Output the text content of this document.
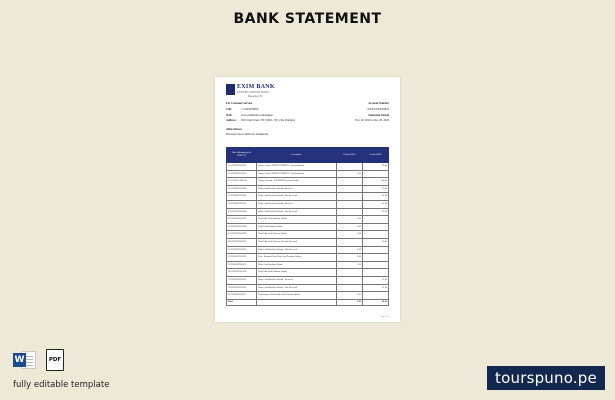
BANK STATEMENT
EXIM BANK
EXPORT-IMPORT BANK
December 20
For Customer Service	Account Number
Call:	+1234567890X	XXXXXXXX9876
Web:	www.eximbank.com/sample	Statement Period
Address: 3025 Oak Street, NY 10001, NY, USA (Sample)	Nov 19, 2020 to Dec 20, 2020
Allen Gibson
Brooklyn Street, Hillcrest, Richmond
Date (dd/mm/yyyy & MM/YY)	Description	Debits (USD)	Credits (USD)
19/11/2020 INV-001	Online Credit / DEBIT PAYMENT - Item Purchased		90.00
21/11/2020 INV-001	Online Credit / DEBIT PAYMENT - Item Purchased	1.00	
23/11/2020 CHQ-201	Cheque Deposit - PAYMENT Received Online		100.00
25/11/2020 INV-003	Debit Card Purchase Refund - Reversal		15.00
27/11/2020 INV-004	Debit Card Purchase Refund - Not Received		20.00
29/11/2020 INV-005	Debit Card Purchase Refund - Reversal		10.00
01/12/2020 INV-006	Debit Card Purchase Refund - Not Received		25.00
03/12/2020 INV-007	Visa Debit Card Purchase Online	5.00	
05/12/2020 INV-008	Debit Card Purchase Online	3.00	
07/12/2020 INV-009	Visa Debit Card Purchase Online	2.00	
09/12/2020 INV-010	Visa Debit Card Purchase Refund - Reversal		30.00
11/12/2020 INV-011	Debit Card Purchase Refund - Not Received	4.00	
13/12/2020 INV-012	Visa - Returned Visa Debit Card Purchase Online	2.00	
15/12/2020 INV-013	Debit Card Purchase Online	1.00	
16/12/2020 INV-014	Visa Debit Card Purchase Online		
17/12/2020 INV-015	Debit Card Purchase Refund - Reversal		15.00
18/12/2020 INV-016	Debit Card Purchase Refund - Not Received		12.00
20/12/2020 INV-017	Visa Returned Visa Debit Card Purchase Online	2.00	
Total		0.00	00.00
Page 1/1
W	PDF
fully editable template	tourspuno.pe
